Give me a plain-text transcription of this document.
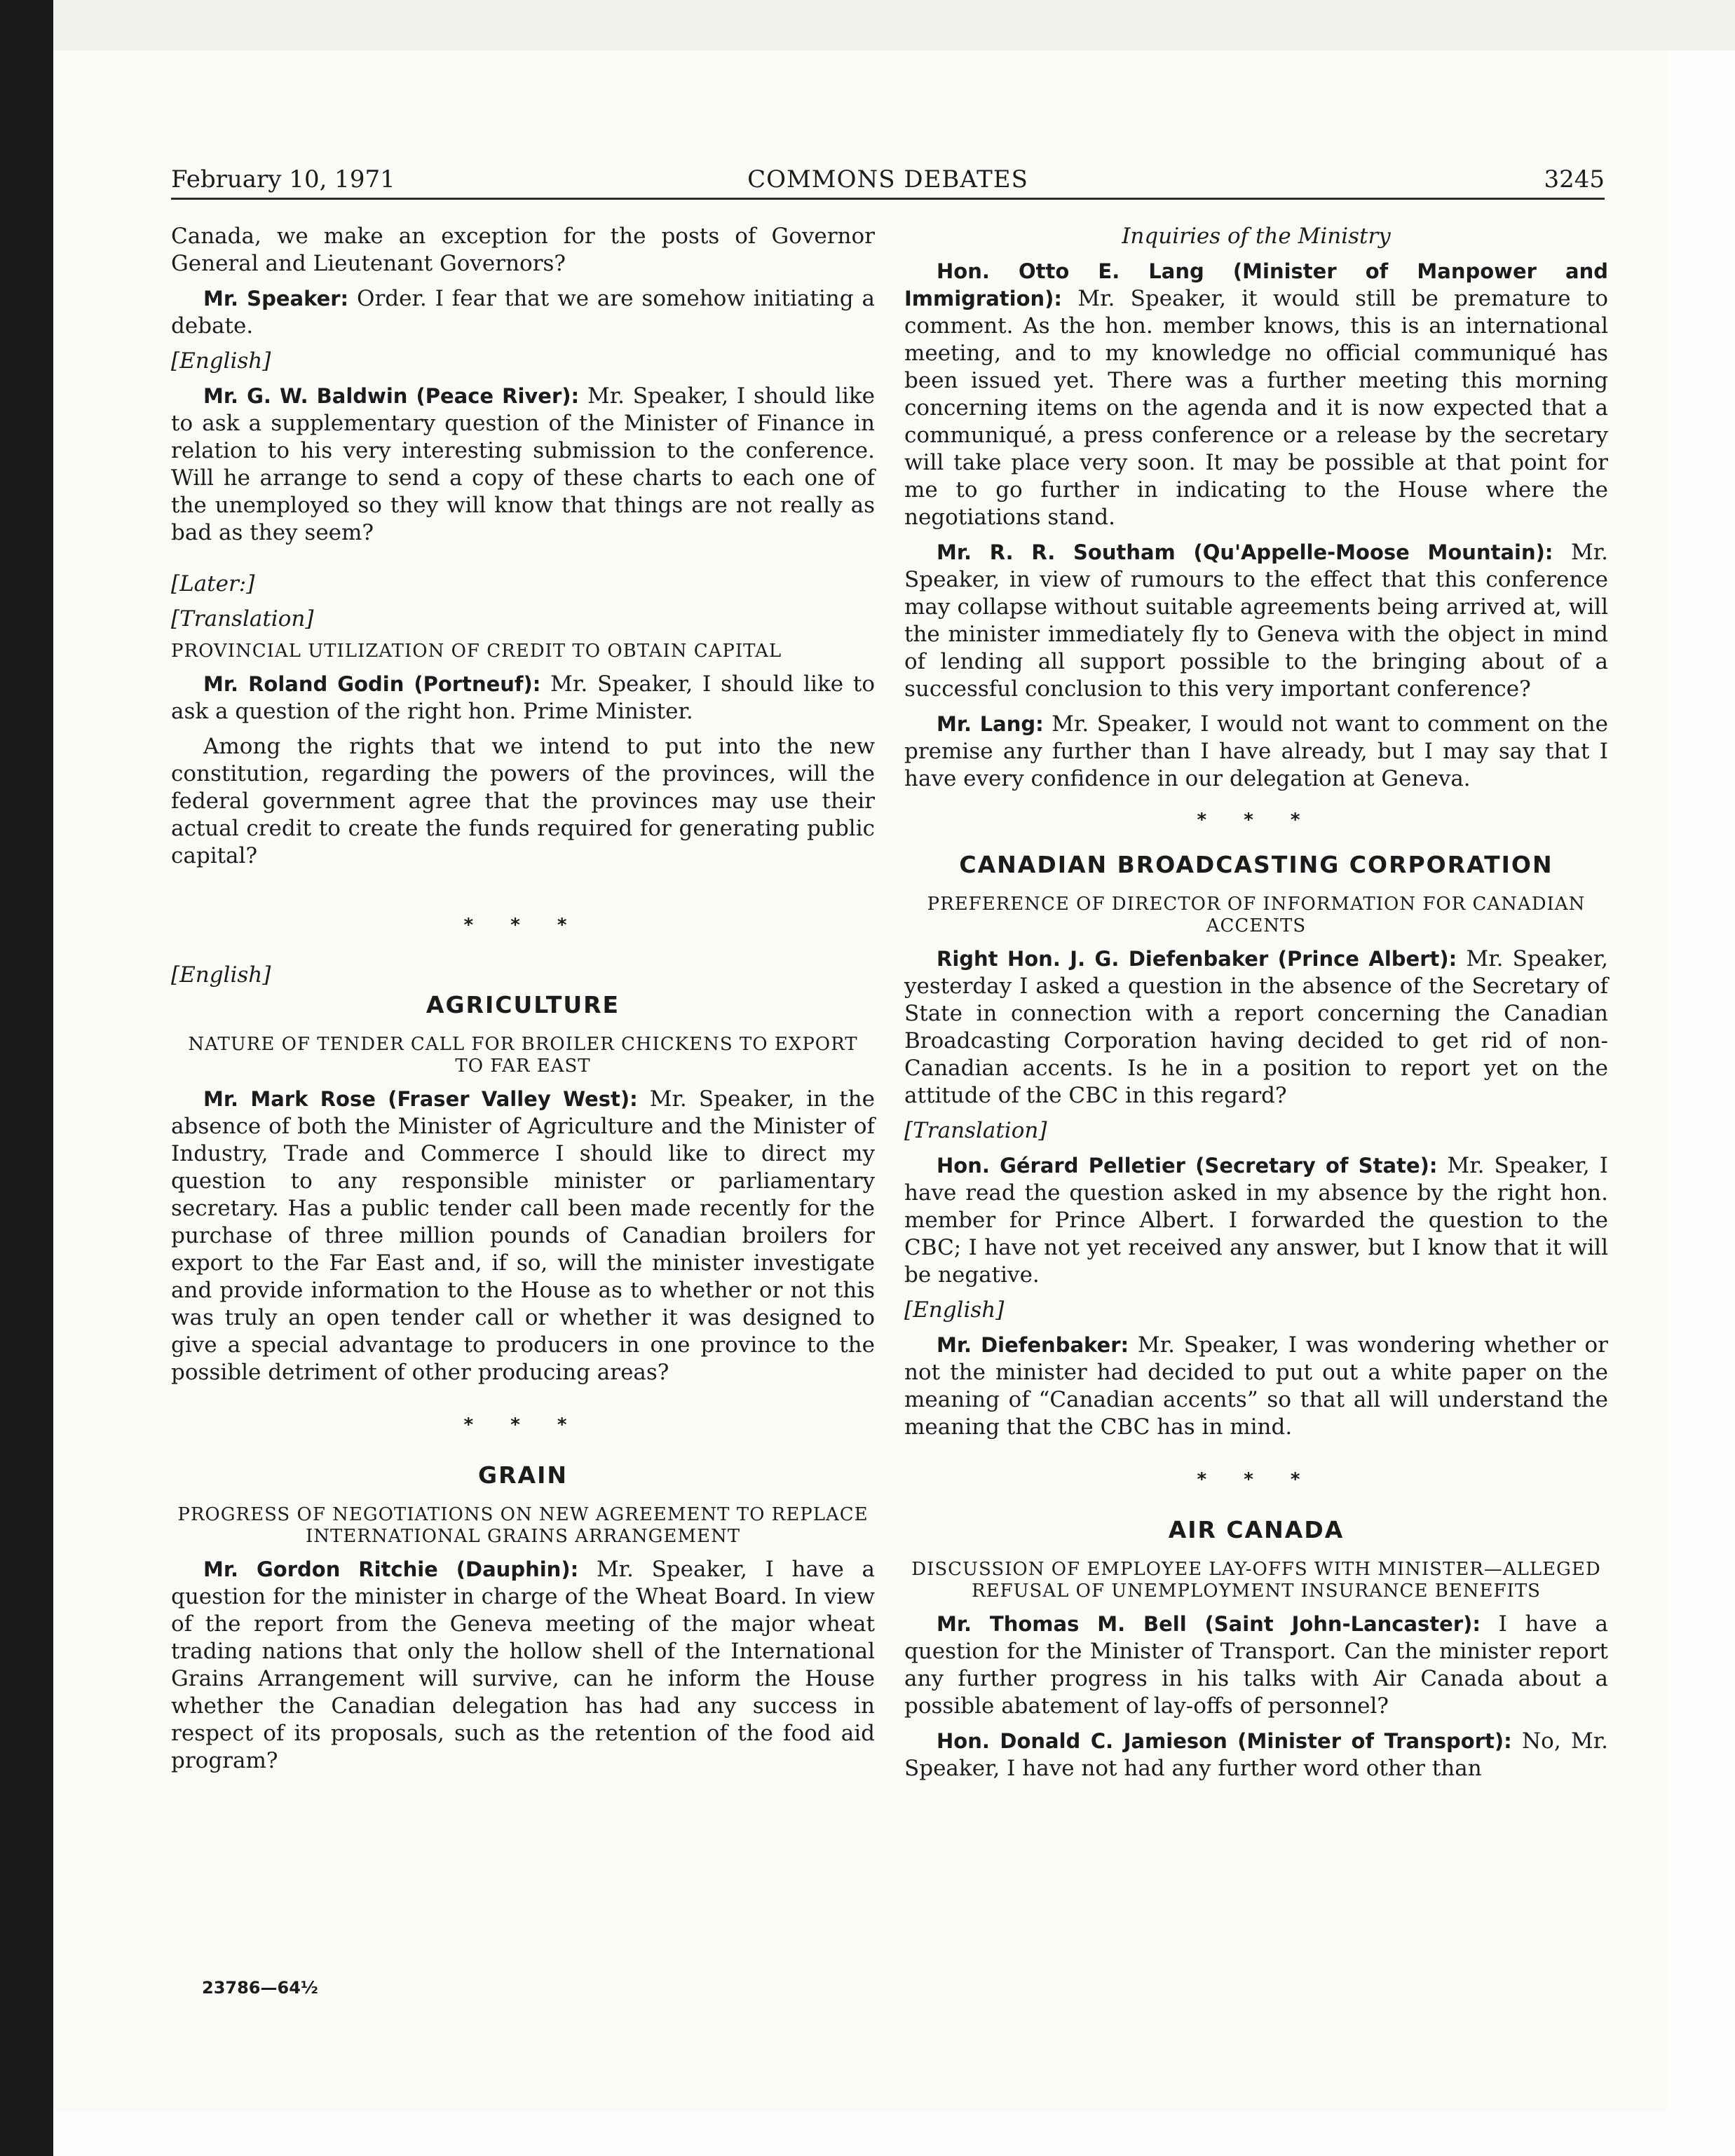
February 10, 1971	COMMONS DEBATES	3245

Canada, we make an exception for the posts of Governor General and Lieutenant Governors?

Mr. Speaker: Order. I fear that we are somehow initiating a debate.

[English]

Mr. G. W. Baldwin (Peace River): Mr. Speaker, I should like to ask a supplementary question of the Minister of Finance in relation to his very interesting submission to the conference. Will he arrange to send a copy of these charts to each one of the unemployed so they will know that things are not really as bad as they seem?

[Later:]

[Translation]

PROVINCIAL UTILIZATION OF CREDIT TO OBTAIN CAPITAL

Mr. Roland Godin (Portneuf): Mr. Speaker, I should like to ask a question of the right hon. Prime Minister.

Among the rights that we intend to put into the new constitution, regarding the powers of the provinces, will the federal government agree that the provinces may use their actual credit to create the funds required for generating public capital?

* * *

[English]

AGRICULTURE
NATURE OF TENDER CALL FOR BROILER CHICKENS TO EXPORT TO FAR EAST

Mr. Mark Rose (Fraser Valley West): Mr. Speaker, in the absence of both the Minister of Agriculture and the Minister of Industry, Trade and Commerce I should like to direct my question to any responsible minister or parliamentary secretary. Has a public tender call been made recently for the purchase of three million pounds of Canadian broilers for export to the Far East and, if so, will the minister investigate and provide information to the House as to whether or not this was truly an open tender call or whether it was designed to give a special advantage to producers in one province to the possible detriment of other producing areas?

* * *
GRAIN
PROGRESS OF NEGOTIATIONS ON NEW AGREEMENT TO REPLACE INTERNATIONAL GRAINS ARRANGEMENT

Mr. Gordon Ritchie (Dauphin): Mr. Speaker, I have a question for the minister in charge of the Wheat Board. In view of the report from the Geneva meeting of the major wheat trading nations that only the hollow shell of the International Grains Arrangement will survive, can he inform the House whether the Canadian delegation has had any success in respect of its proposals, such as the retention of the food aid program?

23786—64½

Inquiries of the Ministry

Hon. Otto E. Lang (Minister of Manpower and Immigration): Mr. Speaker, it would still be premature to comment. As the hon. member knows, this is an international meeting, and to my knowledge no official communiqué has been issued yet. There was a further meeting this morning concerning items on the agenda and it is now expected that a communiqué, a press conference or a release by the secretary will take place very soon. It may be possible at that point for me to go further in indicating to the House where the negotiations stand.

Mr. R. R. Southam (Qu'Appelle-Moose Mountain): Mr. Speaker, in view of rumours to the effect that this conference may collapse without suitable agreements being arrived at, will the minister immediately fly to Geneva with the object in mind of lending all support possible to the bringing about of a successful conclusion to this very important conference?

Mr. Lang: Mr. Speaker, I would not want to comment on the premise any further than I have already, but I may say that I have every confidence in our delegation at Geneva.

* * *
CANADIAN BROADCASTING CORPORATION
PREFERENCE OF DIRECTOR OF INFORMATION FOR CANADIAN ACCENTS

Right Hon. J. G. Diefenbaker (Prince Albert): Mr. Speaker, yesterday I asked a question in the absence of the Secretary of State in connection with a report concerning the Canadian Broadcasting Corporation having decided to get rid of non-Canadian accents. Is he in a position to report yet on the attitude of the CBC in this regard?

[Translation]

Hon. Gérard Pelletier (Secretary of State): Mr. Speaker, I have read the question asked in my absence by the right hon. member for Prince Albert. I forwarded the question to the CBC; I have not yet received any answer, but I know that it will be negative.

[English]

Mr. Diefenbaker: Mr. Speaker, I was wondering whether or not the minister had decided to put out a white paper on the meaning of “Canadian accents” so that all will understand the meaning that the CBC has in mind.

* * *
AIR CANADA
DISCUSSION OF EMPLOYEE LAY-OFFS WITH MINISTER—ALLEGED REFUSAL OF UNEMPLOYMENT INSURANCE BENEFITS

Mr. Thomas M. Bell (Saint John-Lancaster): I have a question for the Minister of Transport. Can the minister report any further progress in his talks with Air Canada about a possible abatement of lay-offs of personnel?

Hon. Donald C. Jamieson (Minister of Transport): No, Mr. Speaker, I have not had any further word other than
